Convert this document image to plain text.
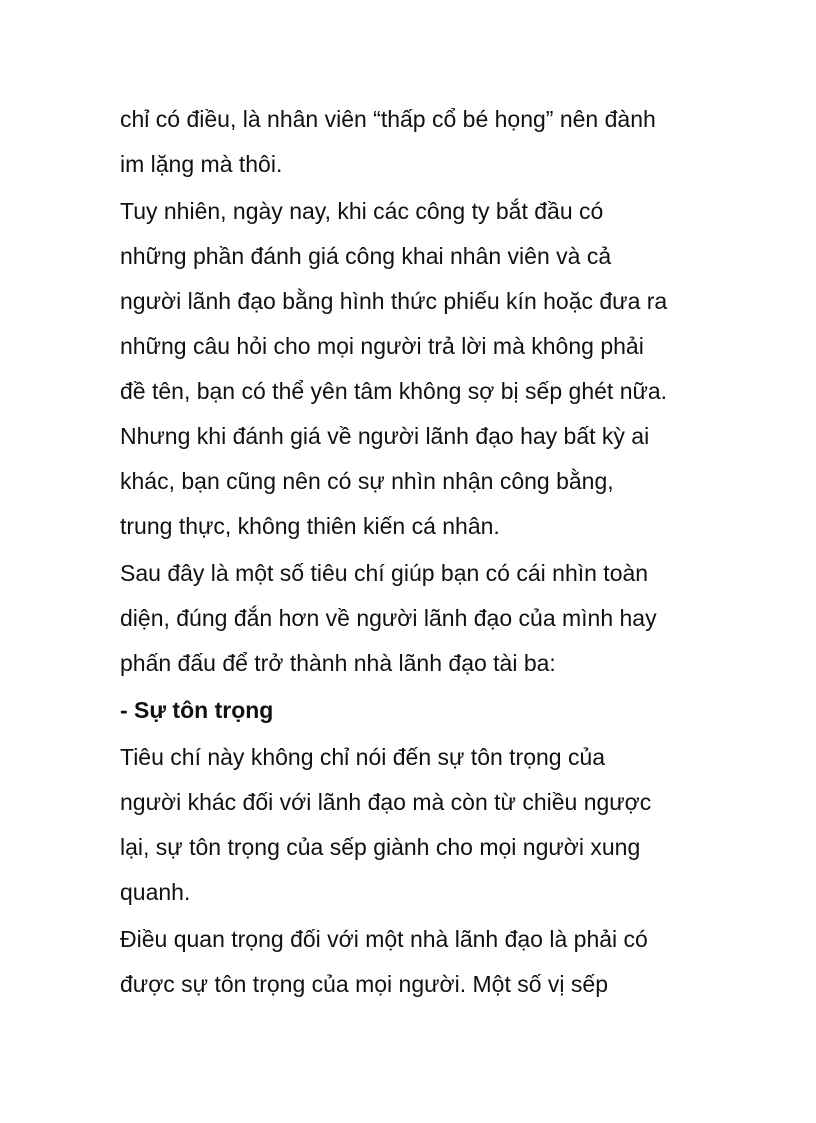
chỉ có điều, là nhân viên “thấp cổ bé họng” nên đành
im lặng mà thôi.
Tuy nhiên, ngày nay, khi các công ty bắt đầu có
những phần đánh giá công khai nhân viên và cả
người lãnh đạo bằng hình thức phiếu kín hoặc đưa ra
những câu hỏi cho mọi người trả lời mà không phải
đề tên, bạn có thể yên tâm không sợ bị sếp ghét nữa.
Nhưng khi đánh giá về người lãnh đạo hay bất kỳ ai
khác, bạn cũng nên có sự nhìn nhận công bằng,
trung thực, không thiên kiến cá nhân.
Sau đây là một số tiêu chí giúp bạn có cái nhìn toàn
diện, đúng đắn hơn về người lãnh đạo của mình hay
phấn đấu để trở thành nhà lãnh đạo tài ba:
- Sự tôn trọng
Tiêu chí này không chỉ nói đến sự tôn trọng của
người khác đối với lãnh đạo mà còn từ chiều ngược
lại, sự tôn trọng của sếp giành cho mọi người xung
quanh.
Điều quan trọng đối với một nhà lãnh đạo là phải có
được sự tôn trọng của mọi người. Một số vị sếp
